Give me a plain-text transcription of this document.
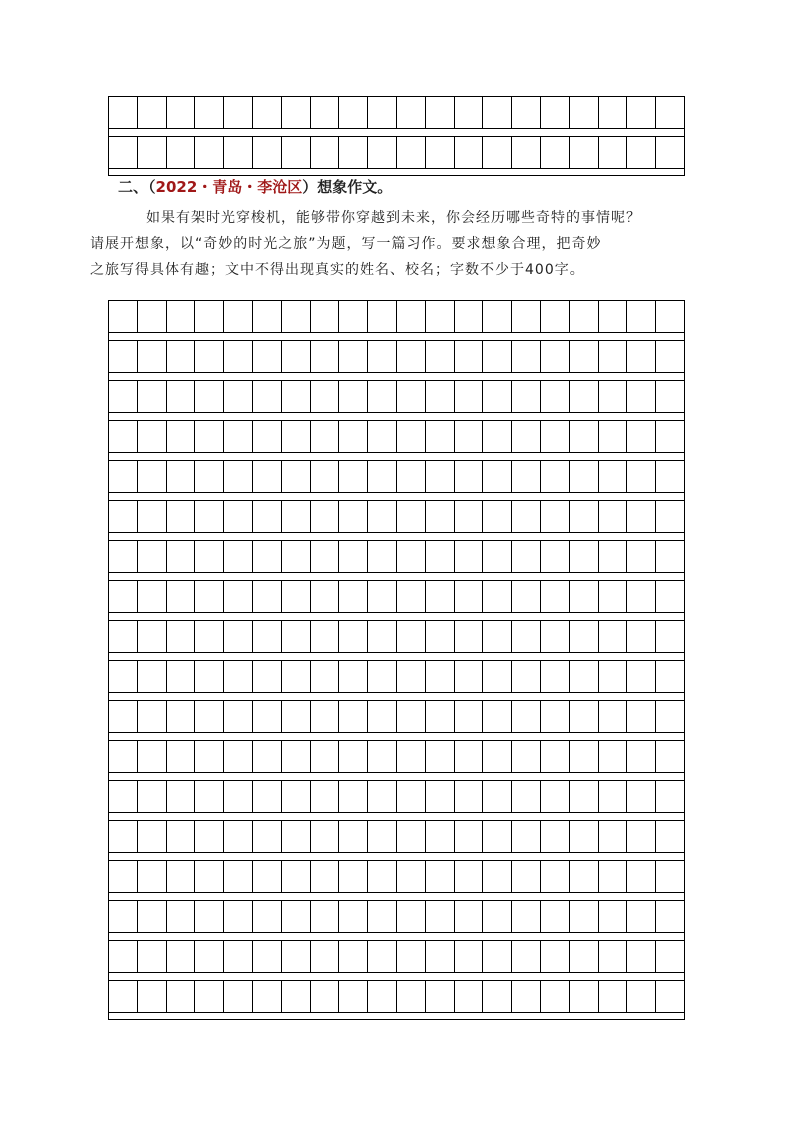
二、（2022・青岛・李沧区）想象作文。
如果有架时光穿梭机，能够带你穿越到未来，你会经历哪些奇特的事情呢？
请展开想象，以“奇妙的时光之旅”为题，写一篇习作。要求想象合理，把奇妙
之旅写得具体有趣；文中不得出现真实的姓名、校名；字数不少于400字。
